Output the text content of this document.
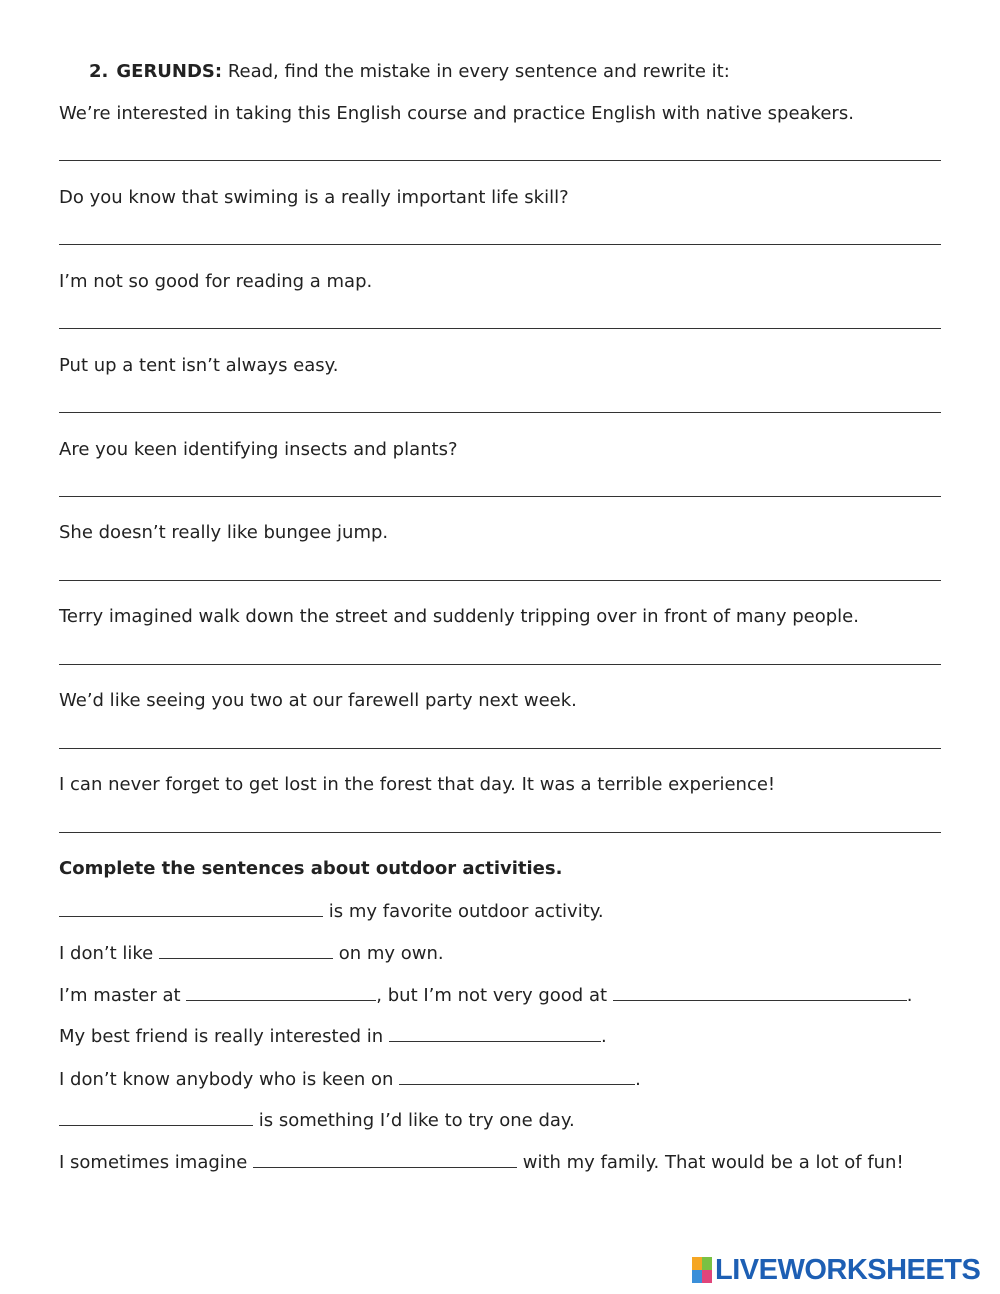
2. GERUNDS: Read, find the mistake in every sentence and rewrite it:
We’re interested in taking this English course and practice English with native speakers.
Do you know that swiming is a really important life skill?
I’m not so good for reading a map.
Put up a tent isn’t always easy.
Are you keen identifying insects and plants?
She doesn’t really like bungee jump.
Terry imagined walk down the street and suddenly tripping over in front of many people.
We’d like seeing you two at our farewell party next week.
I can never forget to get lost in the forest that day. It was a terrible experience!
Complete the sentences about outdoor activities.
is my favorite outdoor activity.
I don’t like	on my own.
I’m master at	, but I’m not very good at	.
My best friend is really interested in	.
I don’t know anybody who is keen on	.
is something I’d like to try one day.
I sometimes imagine	with my family. That would be a lot of fun!
LIVEWORKSHEETS
